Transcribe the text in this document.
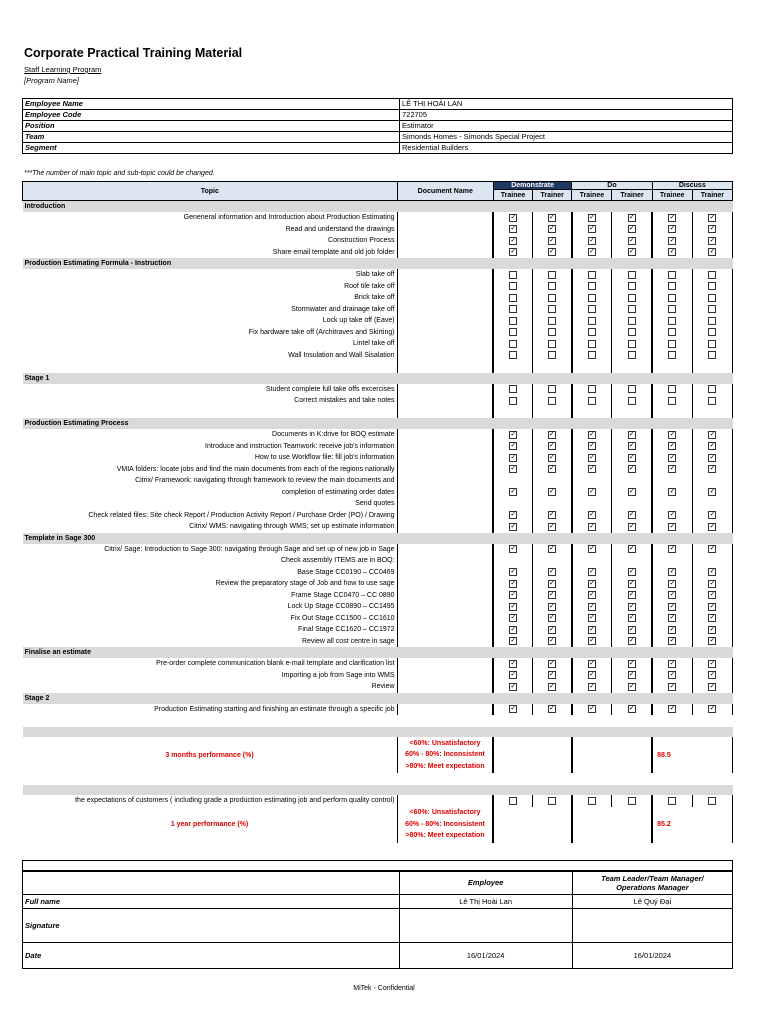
Corporate Practical Training Material
Staff Learning Program
[Program Name]
Employee Name	LÊ THỊ HOÀI LAN
Employee Code	722705
Position	Estimator
Team	Simonds Homes - Simonds Special Project
Segment	Residential Builders
***The number of main topic and sub-topic could be changed.
Topic	Document Name	Demonstrate		Do		Discuss	
		Trainee	Trainer	Trainee	Trainer	Trainee	Trainer
Introduction							
Geneneral information and Introduction about Production Estimating		✓	✓	✓	✓	✓	✓
Read and understand the drawings		✓	✓	✓	✓	✓	✓
Construction Process		✓	✓	✓	✓	✓	✓
Share email template and old job folder		✓	✓	✓	✓	✓	✓
Production Estimating Formula - Instruction							
Slab take off							
Roof tile take off							
Brick take off							
Stormwater and drainage take off							
Lock up take off (Eave)							
Fix hardware take off (Architraves and Skirting)							
Lintel take off							
Wall Insulation and Wall Sisalation							

Stage 1							
Student complete full take offs excercises							
Correct mistakes and take notes							

Production Estimating Process							
Documents in K:drive for BOQ estimate		✓	✓	✓	✓	✓	✓
Introduce and instruction Teamwork: receive job's information		✓	✓	✓	✓	✓	✓
How to use Workflow file: fill job's information		✓	✓	✓	✓	✓	✓
VMIA folders: locate jobs and find the main documents from each of the regions nationally		✓	✓	✓	✓	✓	✓
Citrix/ Framework: navigating through framework to review the main documents and							
completion of estimating order dates		✓	✓	✓	✓	✓	✓
Send quotes							
Check related files: Site check Report / Production Activity Report / Purchase Order (PO) / Drawing		✓	✓	✓	✓	✓	✓
Citrix/ WMS: navigating through WMS; set up estimate information		✓	✓	✓	✓	✓	✓
Template in Sage 300							
Citrix/ Sage: Introduction to Sage 300: navigating through Sage and set up of new job in Sage		✓	✓	✓	✓	✓	✓
Check assembly ITEMS are in BOQ:							
Base Stage CC0190 – CC0469		✓	✓	✓	✓	✓	✓
Review the preparatory stage of Job and how to use sage		✓	✓	✓	✓	✓	✓
Frame Stage CC0470 – CC 0890		✓	✓	✓	✓	✓	✓
Lock Up Stage CC0890 – CC1495		✓	✓	✓	✓	✓	✓
Fix Out Stage CC1500 – CC1610		✓	✓	✓	✓	✓	✓
Final Stage CC1620 – CC1972		✓	✓	✓	✓	✓	✓
Review all cost centre in sage		✓	✓	✓	✓	✓	✓
Finalise an estimate							
Pre-order complete communication blank e-mail template and clarification list		✓	✓	✓	✓	✓	✓
Importing a job from Sage into WMS		✓	✓	✓	✓	✓	✓
Review		✓	✓	✓	✓	✓	✓
Stage 2							
Production Estimating starting and finishing an estimate through a specific job		✓	✓	✓	✓	✓	✓

3 months performance (%)	<60%: Unsatisfactory
60% - 80%: Inconsistent
>80%: Meet expectation					88.5	

the expectations of customers ( including grade a production estimating job and perform quality control)							
1 year performance (%)	<60%: Unsatisfactory
60% - 80%: Inconsistent
>80%: Meet expectation					85.2	

	Employee	Team Leader/Team Manager/
Operations Manager
Full name	Lê Thị Hoài Lan	Lê Quý Đại
Signature		
Date	16/01/2024	16/01/2024
MiTek - Confidential
